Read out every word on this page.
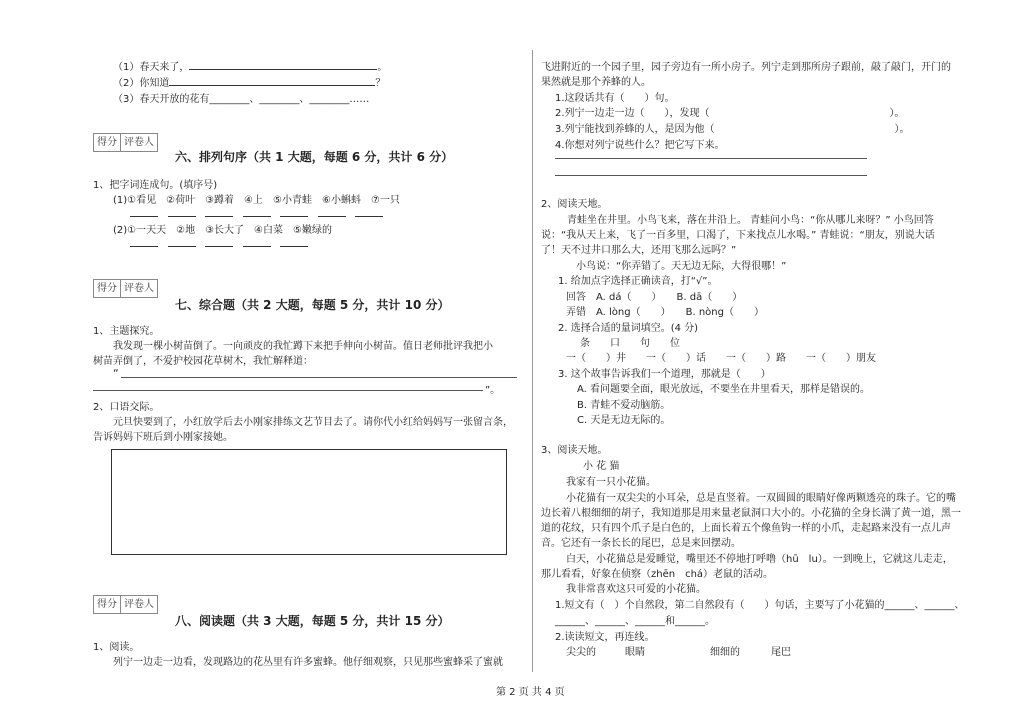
（1）春天来了，	。
（2）你知道	？
（3）春天开放的花有________、________、________……
得分 评卷人
六、排列句序（共 1 大题，每题 6 分，共计 6 分）
1、把字词连成句。(填序号)
(1)①看见　②荷叶　③蹲着　④上　⑤小青蛙　⑥小蝌蚪　⑦一只

(2)①一天天　②地　③长大了　④白菜　⑤嫩绿的

得分 评卷人
七、综合题（共 2 大题，每题 5 分，共计 10 分）
1、主题探究。
我发现一棵小树苗倒了。一向顽皮的我忙蹲下来把手伸向小树苗。值日老师批评我把小
树苗弄倒了，不爱护校园花草树木，我忙解释道：
“
”。
2、口语交际。
元旦快要到了，小红放学后去小刚家排练文艺节目去了。请你代小红给妈妈写一张留言条，
告诉妈妈下班后到小刚家接她。
得分 评卷人
八、阅读题（共 3 大题，每题 5 分，共计 15 分）
1、阅读。
列宁一边走一边看，发现路边的花丛里有许多蜜蜂。他仔细观察，只见那些蜜蜂采了蜜就
飞进附近的一个园子里，园子旁边有一所小房子。列宁走到那所房子跟前，敲了敲门，开门的
果然就是那个养蜂的人。
1.这段话共有（　　）句。
2.列宁一边走一边（　　），发现（　　　　　　　　　　　　　　　　　　）。
3.列宁能找到养蜂的人，是因为他（　　　　　　　　　　　　　　　　　　）。
4.你想对列宁说些什么？把它写下来。
2、阅读天地。
青蛙坐在井里。小鸟飞来，落在井沿上。 青蛙问小鸟：“你从哪儿来呀？” 小鸟回答
说：“我从天上来，飞了一百多里，口渴了，下来找点儿水喝。” 青蛙说：“朋友，别说大话
了！天不过井口那么大，还用飞那么远吗？”
小鸟说：“你弄错了。天无边无际，大得很哪！”
1. 给加点字选择正确读音，打“√”。
回答　A. dá（　　）　　B. dā（　　）
弄错　A. lòng（　　）　　B. nòng（　　）
2. 选择合适的量词填空。(4 分)
条　　口　　句　　位
一（　　）井　　一（　　）话　　一（　　）路　　一（　　）朋友
3. 这个故事告诉我们一个道理，那就是（　　）
A. 看问题要全面，眼光放远，不要坐在井里看天，那样是错误的。
B. 青蛙不爱动脑筋。
C. 天是无边无际的。
3、阅读天地。
小 花 猫
我家有一只小花猫。
小花猫有一双尖尖的小耳朵，总是直竖着。一双圆圆的眼睛好像两颗透亮的珠子。它的嘴
边长着八根细细的胡子，我知道那是用来量老鼠洞口大小的。小花猫的全身长满了黄一道，黑一
道的花纹，只有四个爪子是白色的，上面长着五个像鱼钩一样的小爪，走起路来没有一点儿声
音。它还有一条长长的尾巴，总是来回摆动。
白天，小花猫总是爱睡觉，嘴里还不停地打呼噜（hū　lu）。一到晚上，它就这儿走走，
那儿看看，好象在侦察（zhēn　chá）老鼠的活动。
我非常喜欢这只可爱的小花猫。
1.短文有（　）个自然段，第二自然段有（　　）句话，主要写了小花猫的______、______、
______、______、______和______。
2.读读短文，再连线。
尖尖的	眼睛	细细的	尾巴
第 2 页 共 4 页
